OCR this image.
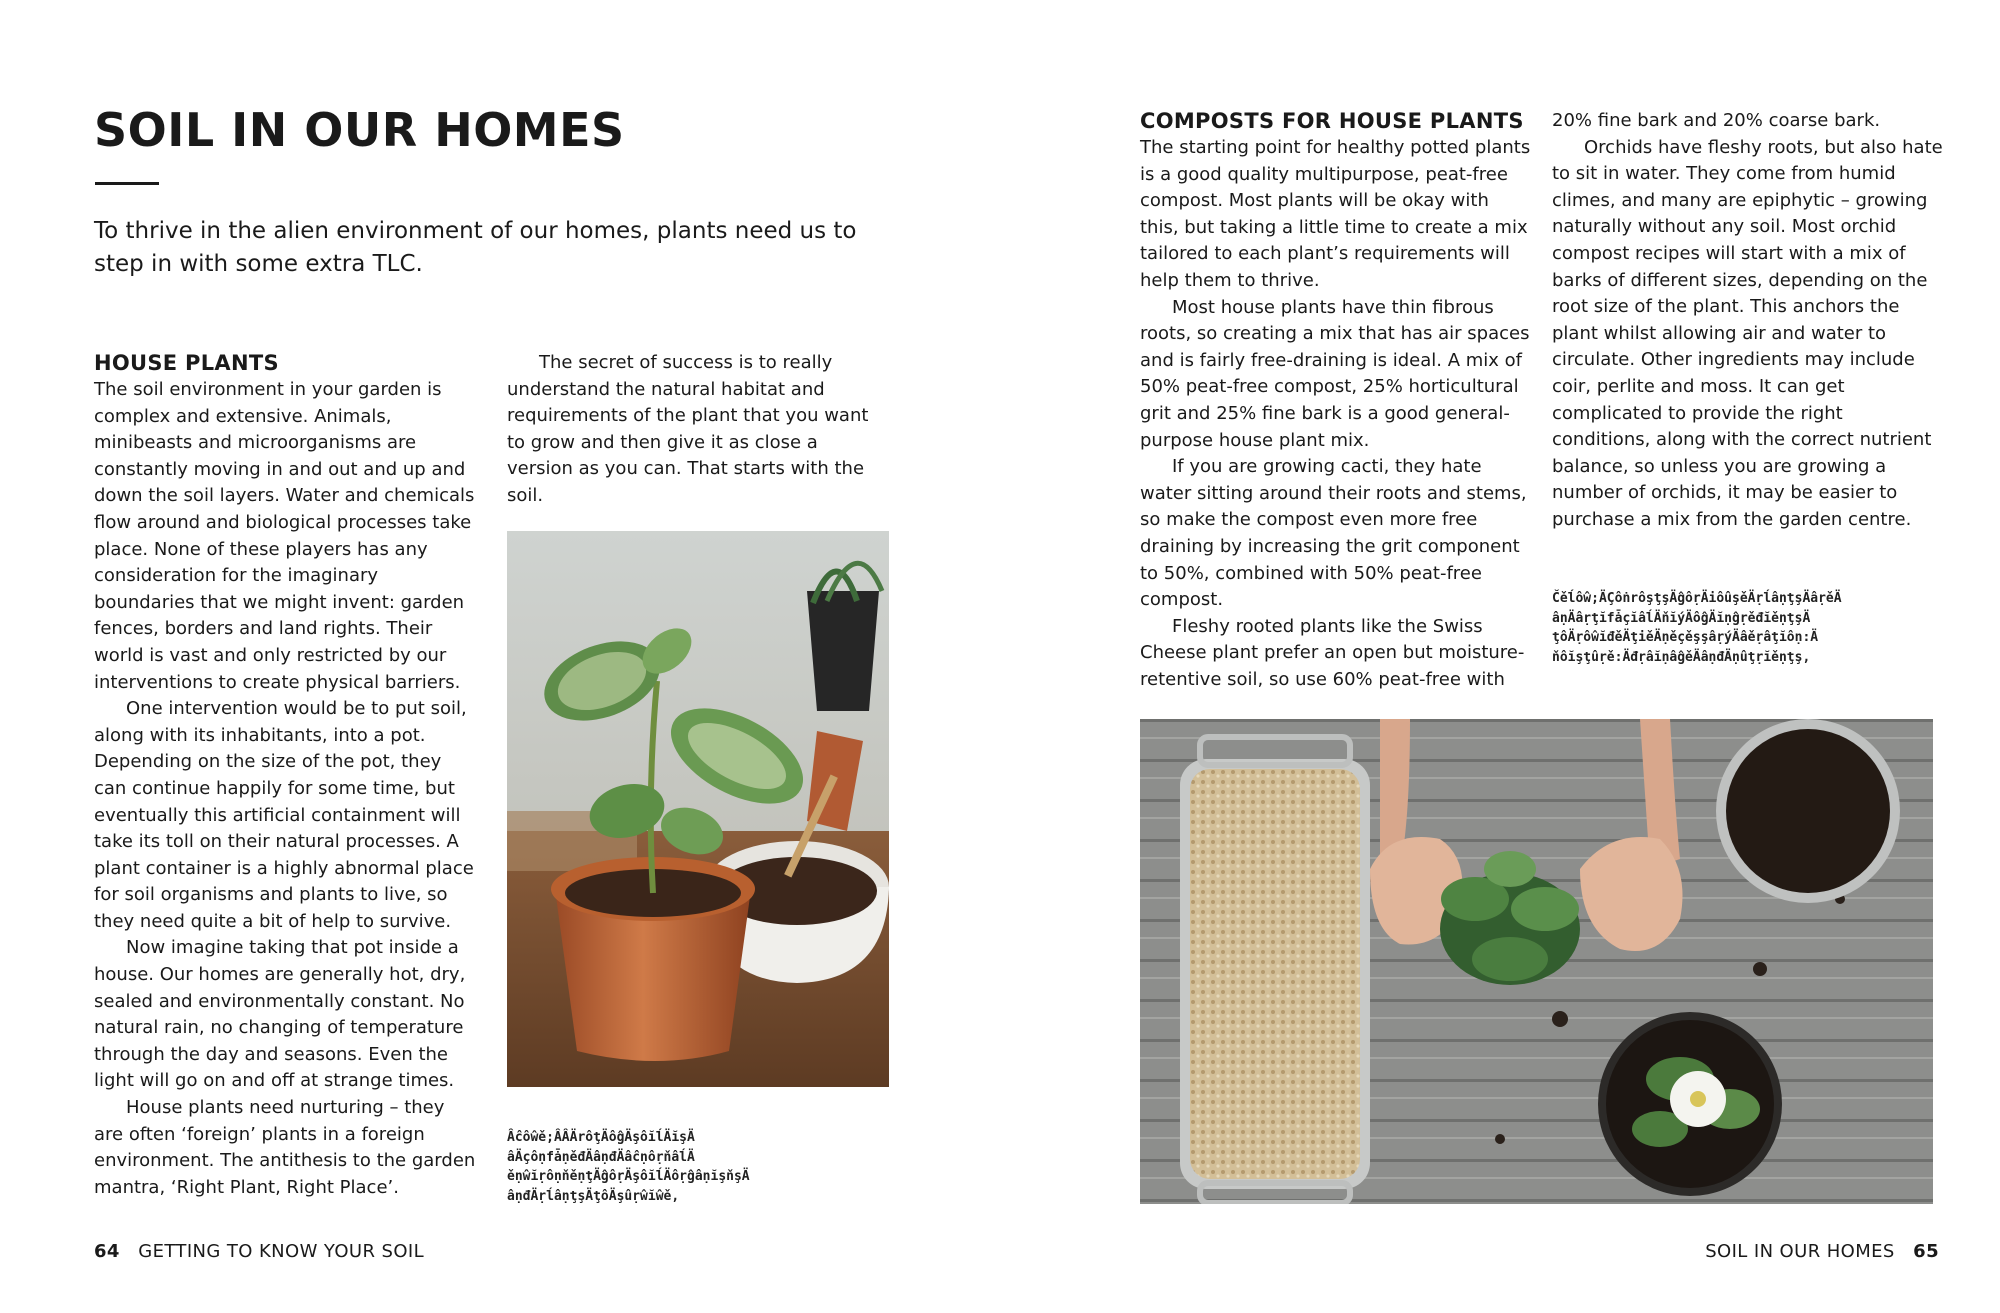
SOIL IN OUR HOMES

To thrive in the alien environment of our homes, plants need us to step in with some extra TLC.

HOUSE PLANTS

The soil environment in your garden is complex and extensive. Animals, minibeasts and microorganisms are constantly moving in and out and up and down the soil layers. Water and chemicals flow around and biological processes take place. None of these players has any consideration for the imaginary boundaries that we might invent: garden fences, borders and land rights. Their world is vast and only restricted by our interventions to create physical barriers.

One intervention would be to put soil, along with its inhabitants, into a pot. Depending on the size of the pot, they can continue happily for some time, but eventually this artificial containment will take its toll on their natural processes. A plant container is a highly abnormal place for soil organisms and plants to live, so they need quite a bit of help to survive.

Now imagine taking that pot inside a house. Our homes are generally hot, dry, sealed and environmentally constant. No natural rain, no changing of temperature through the day and seasons. Even the light will go on and off at strange times.

House plants need nurturing – they are often ‘foreign’ plants in a foreign environment. The antithesis to the garden mantra, ‘Right Plant, Right Place’.

The secret of success is to really understand the natural habitat and requirements of the plant that you want to grow and then give it as close a version as you can. That starts with the soil.

Âĉôŵě;ÂÂÄrôţÄôĝÄşôĭĺÄĭşÄ
âÄçôṇfǡṇěđÄâṇđÄâĉṇôṛňâĺÄ
ěṇŵĭṛôṇňěṇţÄĝôṛÄşôĭĺÄôṛĝâṇĭşňşÄ
âṇđÄṛĺâṇţşÄţôÄşûṛŵĭŵě,
COMPOSTS FOR HOUSE PLANTS

The starting point for healthy potted plants is a good quality multipurpose, peat-free compost. Most plants will be okay with this, but taking a little time to create a mix tailored to each plant’s requirements will help them to thrive.

Most house plants have thin fibrous roots, so creating a mix that has air spaces and is fairly free-draining is ideal. A mix of 50% peat-free compost, 25% horticultural grit and 25% fine bark is a good general-purpose house plant mix.

If you are growing cacti, they hate water sitting around their roots and stems, so make the compost even more free draining by increasing the grit component to 50%, combined with 50% peat-free compost.

Fleshy rooted plants like the Swiss Cheese plant prefer an open but moisture-retentive soil, so use 60% peat-free with

20% fine bark and 20% coarse bark.

Orchids have fleshy roots, but also hate to sit in water. They come from humid climes, and many are epiphytic – growing naturally without any soil. Most orchid compost recipes will start with a mix of barks of different sizes, depending on the root size of the plant. This anchors the plant whilst allowing air and water to circulate. Other ingredients may include coir, perlite and moss. It can get complicated to provide the right conditions, along with the correct nutrient balance, so unless you are growing a number of orchids, it may be easier to purchase a mix from the garden centre.

Čěĺôŵ;ÄÇôṅrôşţşÄĝôṛÄiôûşěÄṛĺâṇţşÄâṛěÄ
âṇÄâṛţĭfǡçĭâĺÄňĭýÄôĝÄĭṇĝṛěđĭěṇţşÄ
ţôÄṛôŵĭđěÄţiěÄṇěçěşşâṛýÄâěṛâţĭôṇ:Ä
ňôĭşţûṛě:Äđṛâĭṇâĝě‌Äâṇđ‌Äṇûţṛĭěṇţş,
64 GETTING TO KNOW YOUR SOIL	SOIL IN OUR HOMES 65
